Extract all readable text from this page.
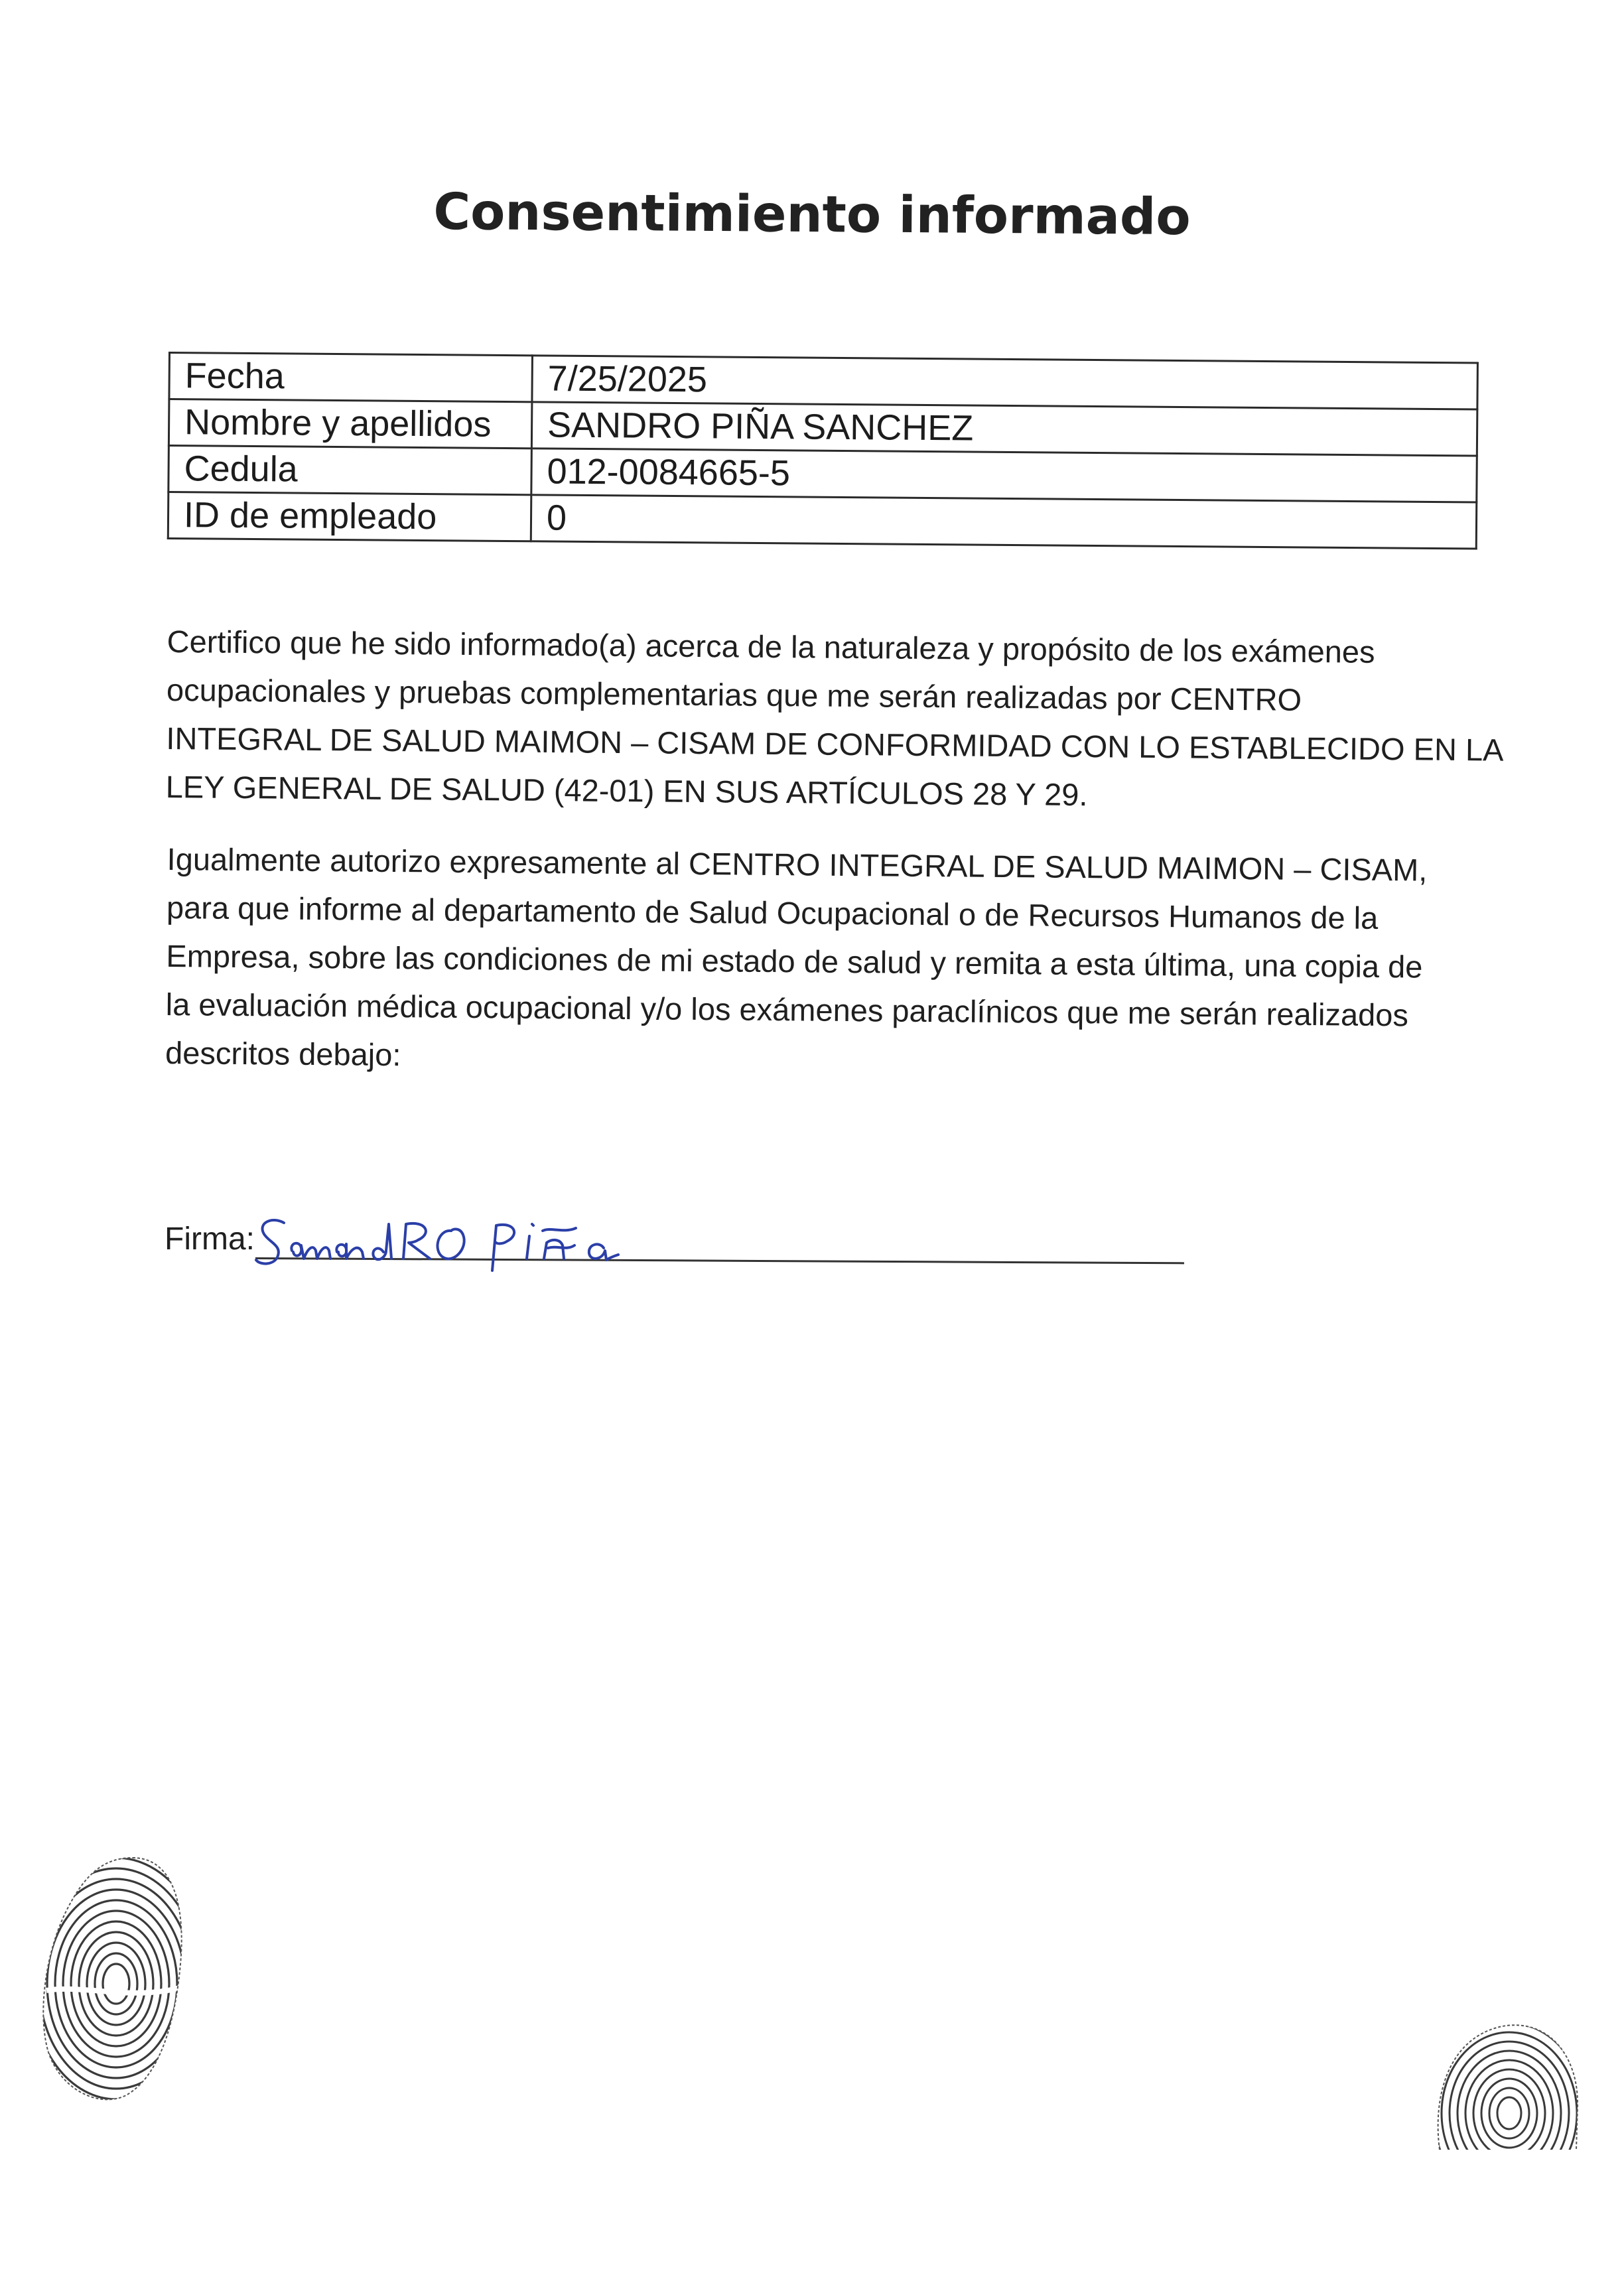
Consentimiento informado
Fecha	7/25/2025
Nombre y apellidos	SANDRO PIÑA SANCHEZ
Cedula	012-0084665-5
ID de empleado	0
Certifico que he sido informado(a) acerca de la naturaleza y propósito de los exámenes
ocupacionales y pruebas complementarias que me serán realizadas por CENTRO
INTEGRAL DE SALUD MAIMON – CISAM DE CONFORMIDAD CON LO ESTABLECIDO EN LA
LEY GENERAL DE SALUD (42-01) EN SUS ARTÍCULOS 28 Y 29.
Igualmente autorizo expresamente al CENTRO INTEGRAL DE SALUD MAIMON – CISAM,
para que informe al departamento de Salud Ocupacional o de Recursos Humanos de la
Empresa, sobre las condiciones de mi estado de salud y remita a esta última, una copia de
la evaluación médica ocupacional y/o los exámenes paraclínicos que me serán realizados
descritos debajo:
Firma:
